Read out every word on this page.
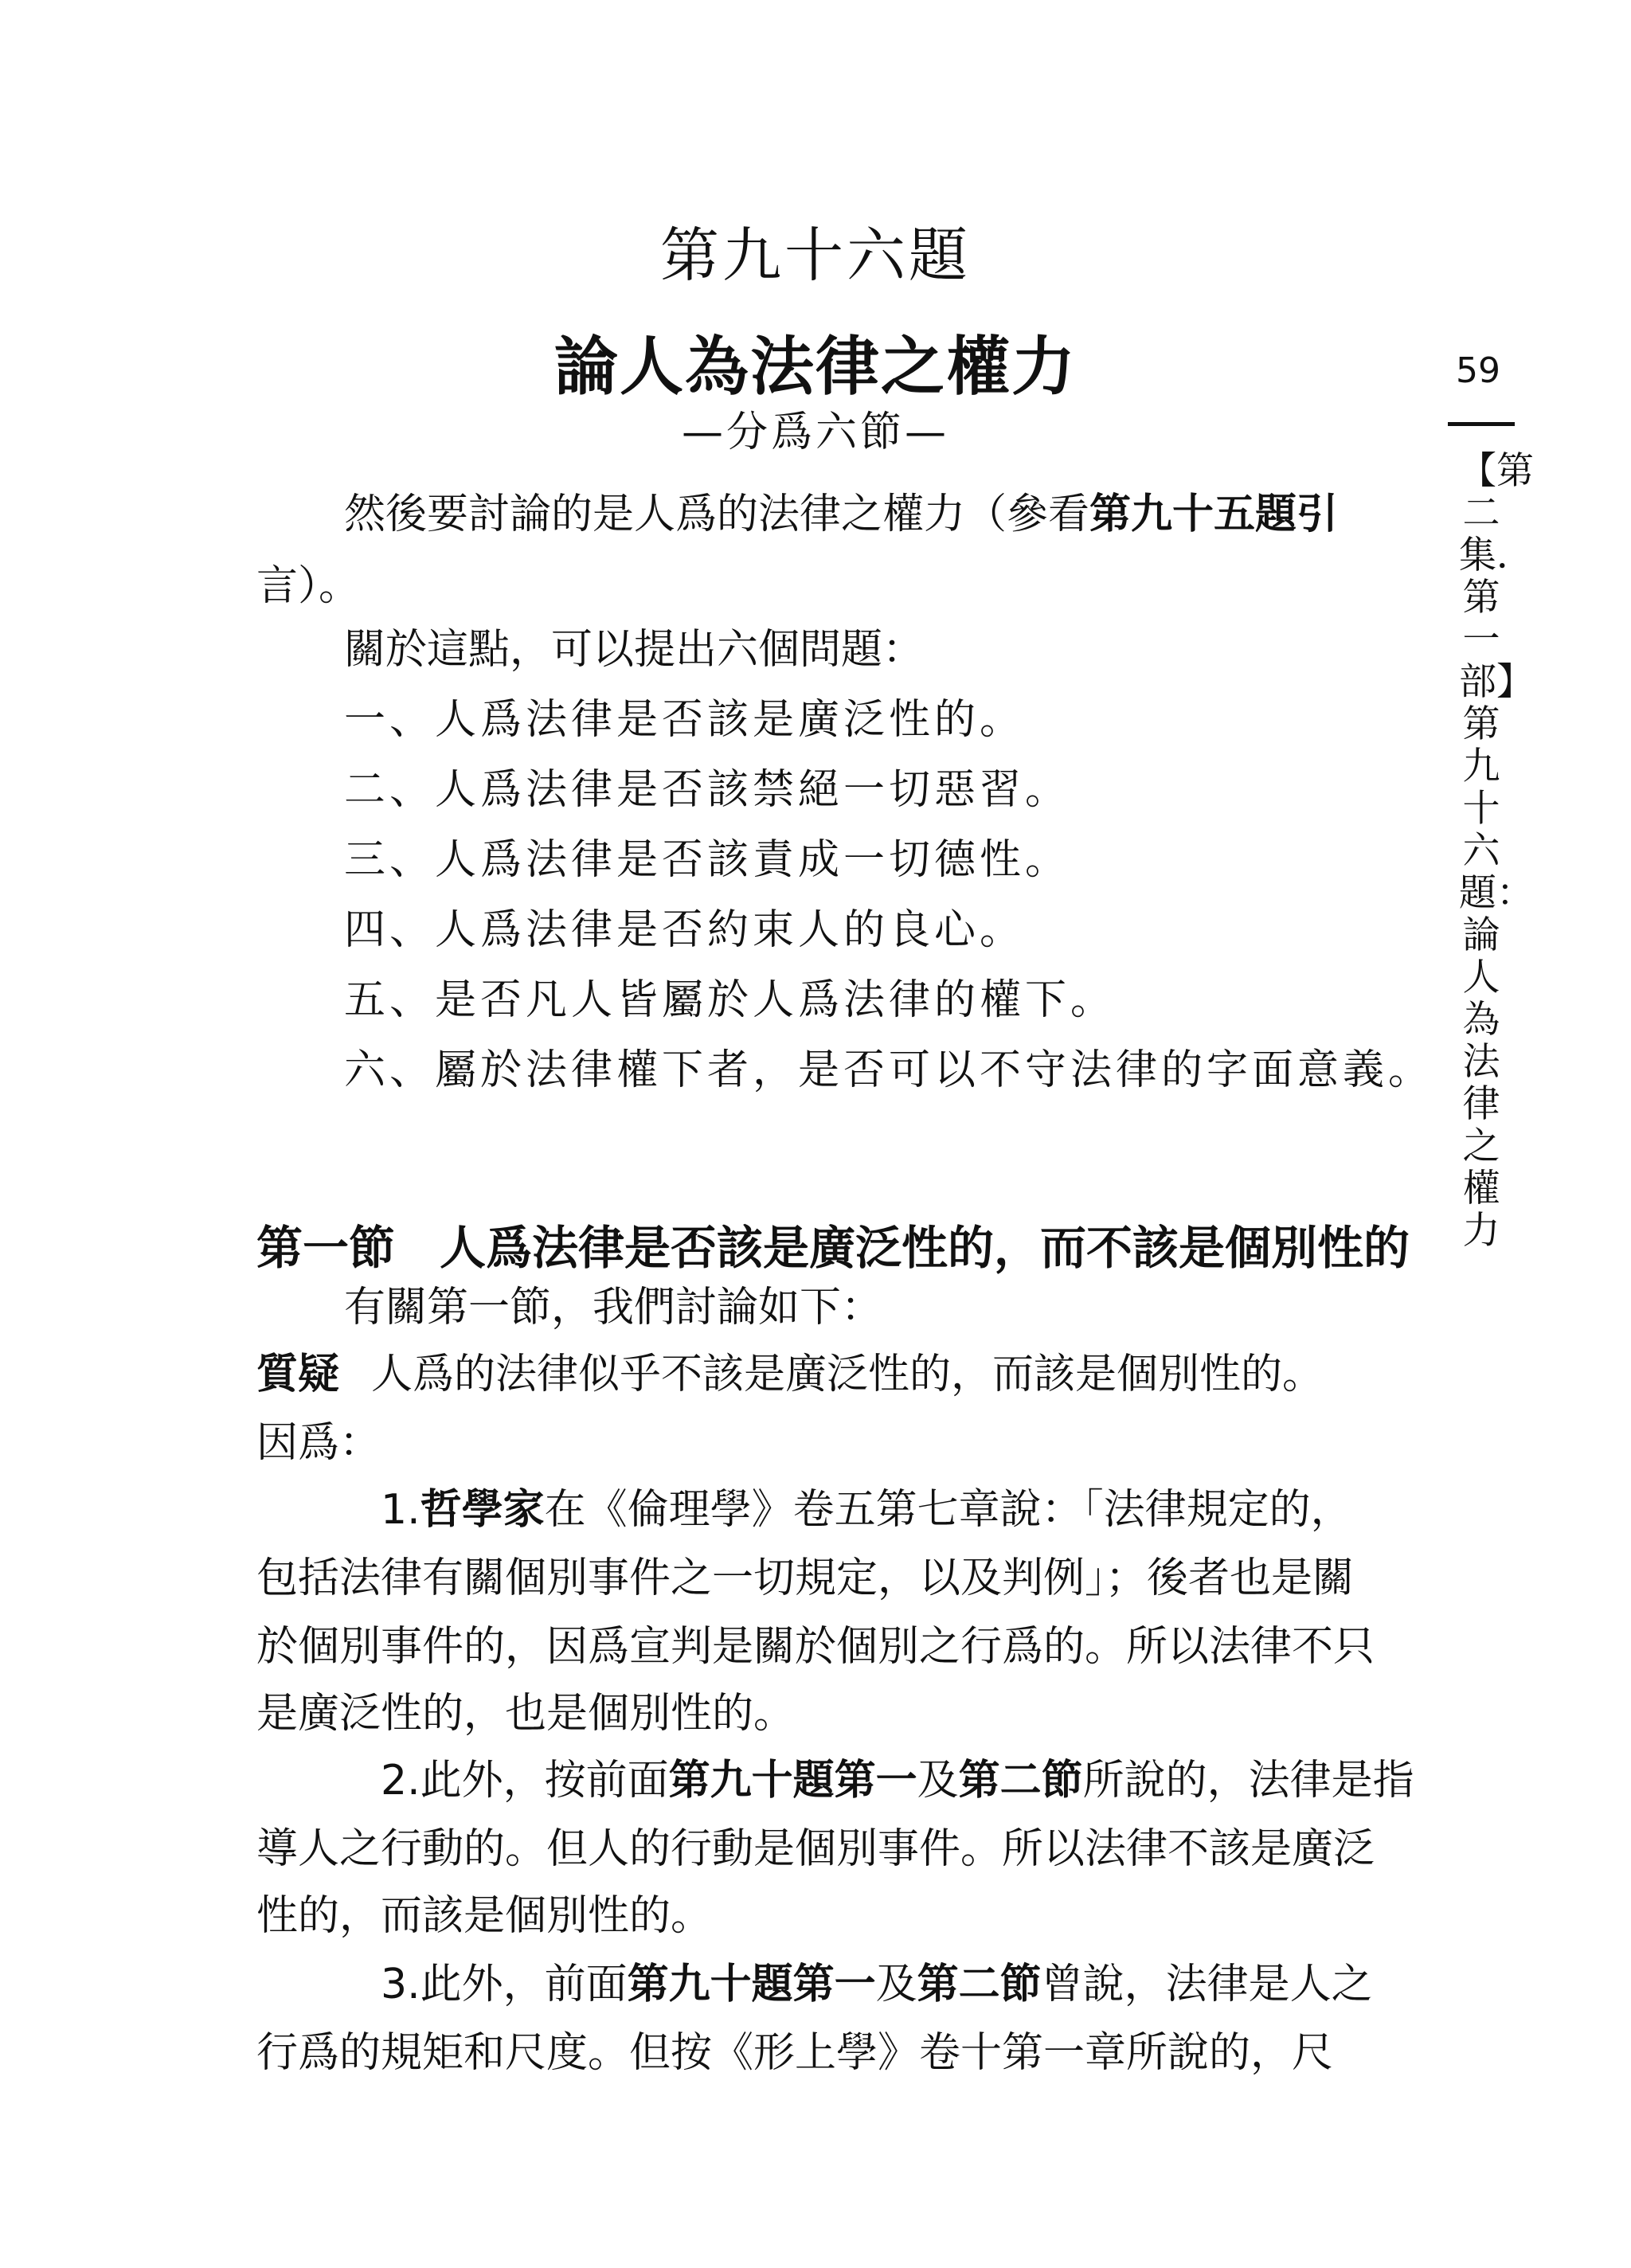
第九十六題
論人為法律之權力
—分爲六節—
然後要討論的是人爲的法律之權力（參看第九十五題引
言）。
關於這點，可以提出六個問題：
一、人爲法律是否該是廣泛性的。
二、人爲法律是否該禁絕一切惡習。
三、人爲法律是否該責成一切德性。
四、人爲法律是否約束人的良心。
五、是否凡人皆屬於人爲法律的權下。
六、屬於法律權下者，是否可以不守法律的字面意義。
第一節 人爲法律是否該是廣泛性的，而不該是個別性的
有關第一節，我們討論如下：
質疑 人爲的法律似乎不該是廣泛性的，而該是個別性的。
因爲：
1.哲學家在《倫理學》卷五第七章說：「法律規定的，
包括法律有關個別事件之一切規定，以及判例」；後者也是關
於個別事件的，因爲宣判是關於個別之行爲的。所以法律不只
是廣泛性的，也是個別性的。
2.此外，按前面第九十題第一及第二節所說的，法律是指
導人之行動的。但人的行動是個別事件。所以法律不該是廣泛
性的，而該是個別性的。
3.此外，前面第九十題第一及第二節曾說，法律是人之
行爲的規矩和尺度。但按《形上學》卷十第一章所說的，尺
59
【第二集．第一部】第九十六題：論人為法律之權力
